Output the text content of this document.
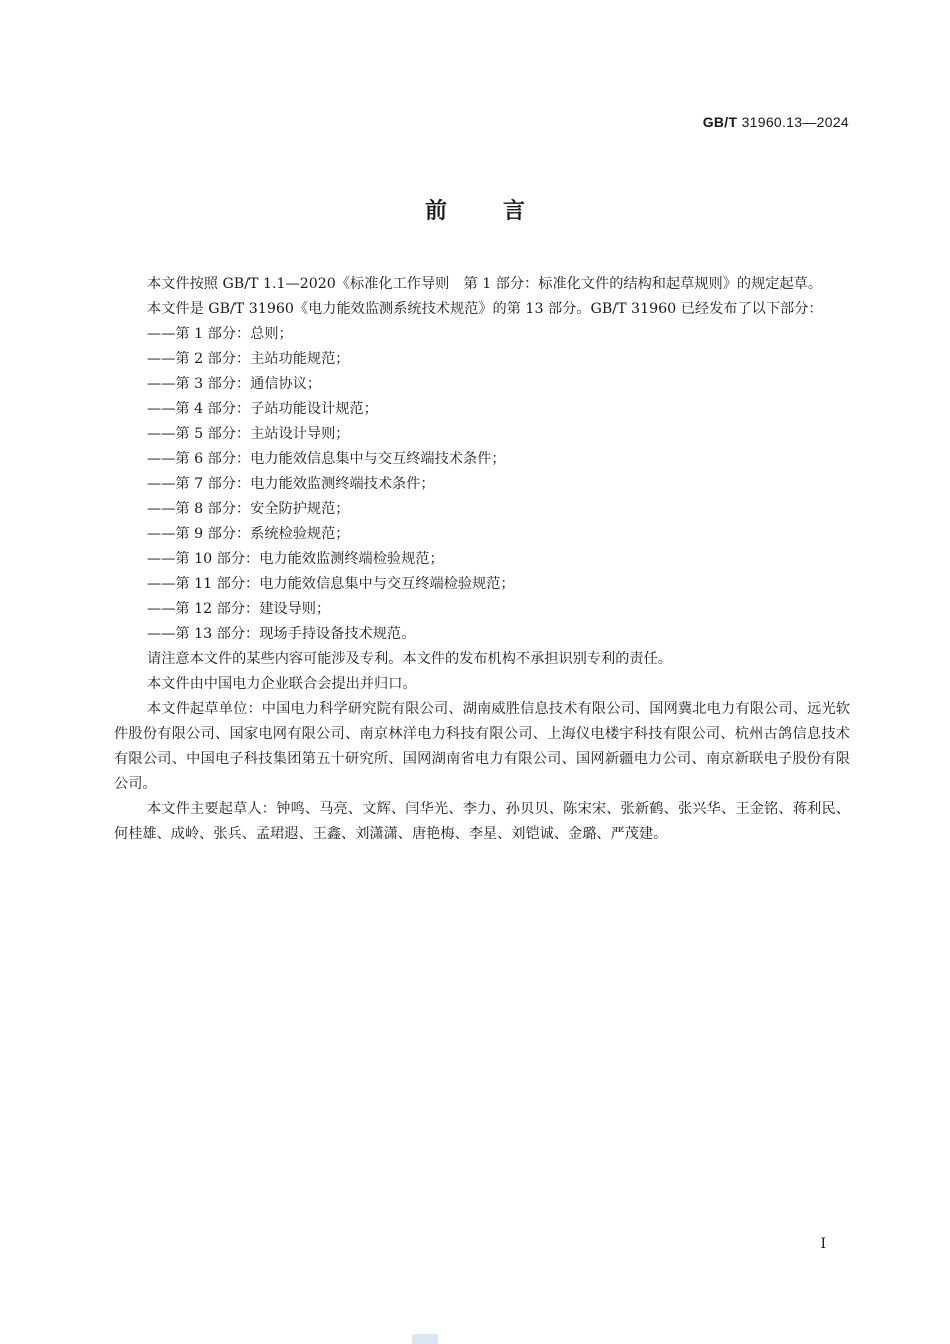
GB/T 31960.13—2024
前言

本文件按照 GB/T 1.1—2020《标准化工作导则　第 1 部分：标准化文件的结构和起草规则》的规定起草。

本文件是 GB/T 31960《电力能效监测系统技术规范》的第 13 部分。GB/T 31960 已经发布了以下部分：

——第 1 部分：总则；

——第 2 部分：主站功能规范；

——第 3 部分：通信协议；

——第 4 部分：子站功能设计规范；

——第 5 部分：主站设计导则；

——第 6 部分：电力能效信息集中与交互终端技术条件；

——第 7 部分：电力能效监测终端技术条件；

——第 8 部分：安全防护规范；

——第 9 部分：系统检验规范；

——第 10 部分：电力能效监测终端检验规范；

——第 11 部分：电力能效信息集中与交互终端检验规范；

——第 12 部分：建设导则；

——第 13 部分：现场手持设备技术规范。

请注意本文件的某些内容可能涉及专利。本文件的发布机构不承担识别专利的责任。

本文件由中国电力企业联合会提出并归口。

本文件起草单位：中国电力科学研究院有限公司、湖南威胜信息技术有限公司、国网冀北电力有限公司、远光软件股份有限公司、国家电网有限公司、南京林洋电力科技有限公司、上海仪电楼宇科技有限公司、杭州古鸽信息技术有限公司、中国电子科技集团第五十研究所、国网湖南省电力有限公司、国网新疆电力公司、南京新联电子股份有限公司。

本文件主要起草人：钟鸣、马亮、文辉、闫华光、李力、孙贝贝、陈宋宋、张新鹤、张兴华、王金铭、蒋利民、何桂雄、成岭、张兵、孟珺遐、王鑫、刘潇潇、唐艳梅、李星、刘铠诚、金璐、严茂建。

I
